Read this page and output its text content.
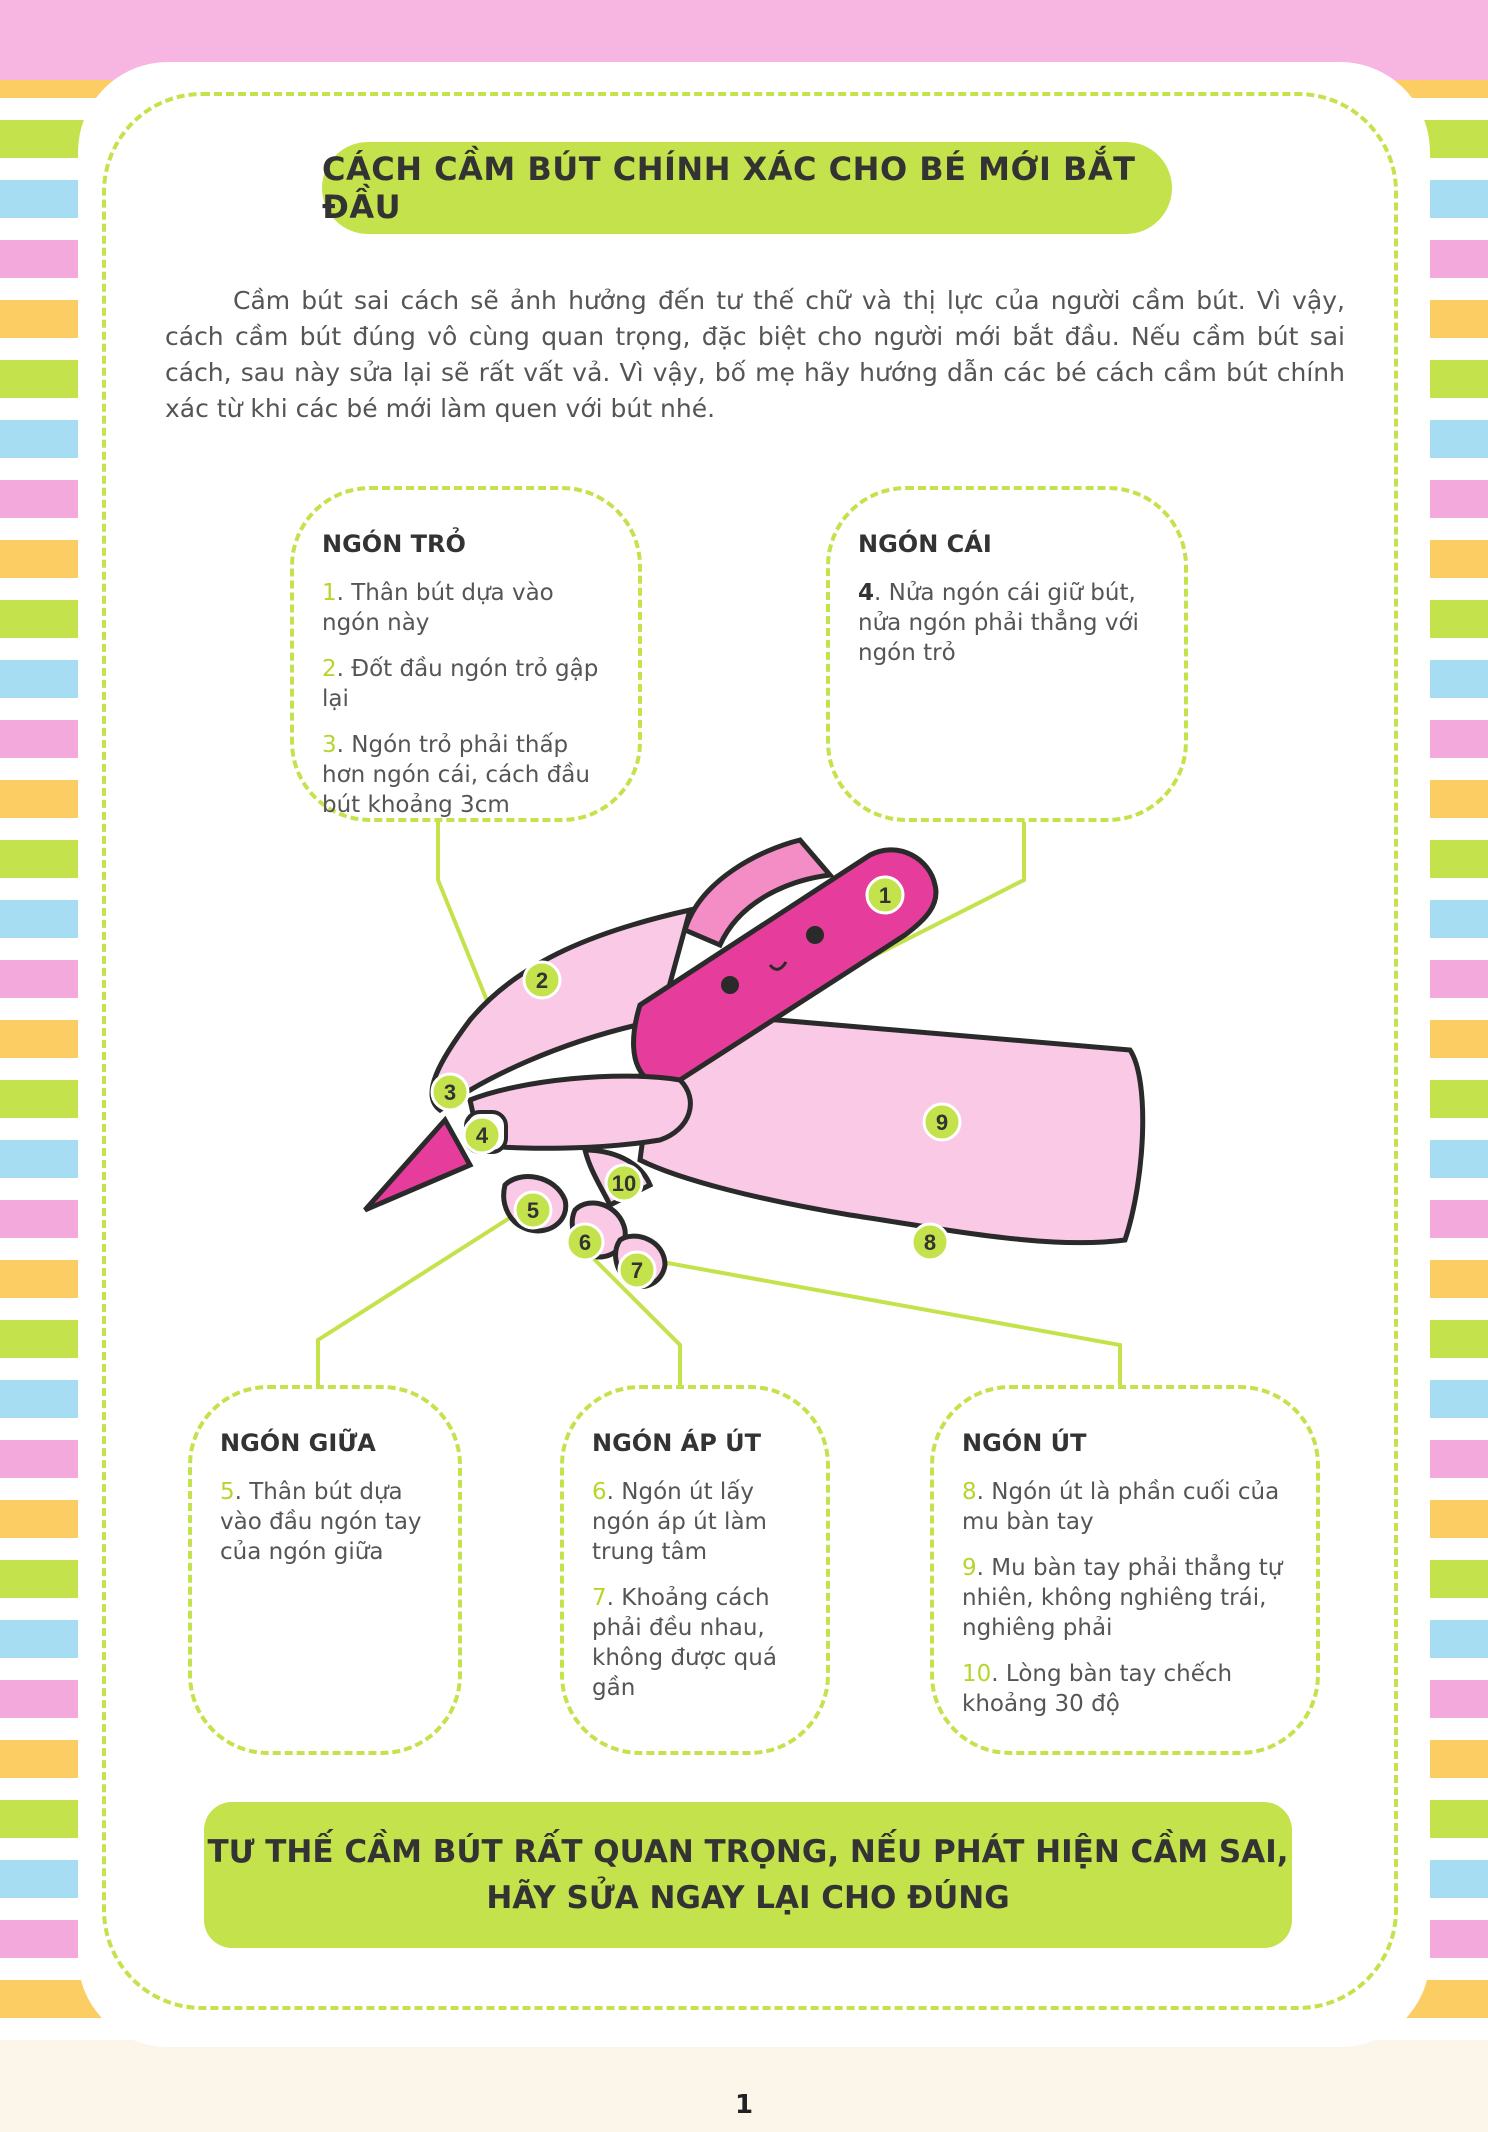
CÁCH CẦM BÚT CHÍNH XÁC CHO BÉ MỚI BẮT ĐẦU
Cầm bút sai cách sẽ ảnh hưởng đến tư thế chữ và thị lực của người cầm bút. Vì vậy, cách cầm bút đúng vô cùng quan trọng, đặc biệt cho người mới bắt đầu. Nếu cầm bút sai cách, sau này sửa lại sẽ rất vất vả. Vì vậy, bố mẹ hãy hướng dẫn các bé cách cầm bút chính xác từ khi các bé mới làm quen với bút nhé.
1
2
3
4
5
6
7
8
9
10
NGÓN TRỎ

1. Thân bút dựa vào ngón này

2. Đốt đầu ngón trỏ gập lại

3. Ngón trỏ phải thấp hơn ngón cái, cách đầu bút khoảng 3cm

NGÓN CÁI

4. Nửa ngón cái giữ bút, nửa ngón phải thẳng với ngón trỏ

NGÓN GIỮA

5. Thân bút dựa vào đầu ngón tay của ngón giữa

NGÓN ÁP ÚT

6. Ngón út lấy ngón áp út làm trung tâm

7. Khoảng cách phải đều nhau, không được quá gần

NGÓN ÚT

8. Ngón út là phần cuối của mu bàn tay

9. Mu bàn tay phải thẳng tự nhiên, không nghiêng trái, nghiêng phải

10. Lòng bàn tay chếch khoảng 30 độ

TƯ THẾ CẦM BÚT RẤT QUAN TRỌNG, NẾU PHÁT HIỆN CẦM SAI,
HÃY SỬA NGAY LẠI CHO ĐÚNG
1
